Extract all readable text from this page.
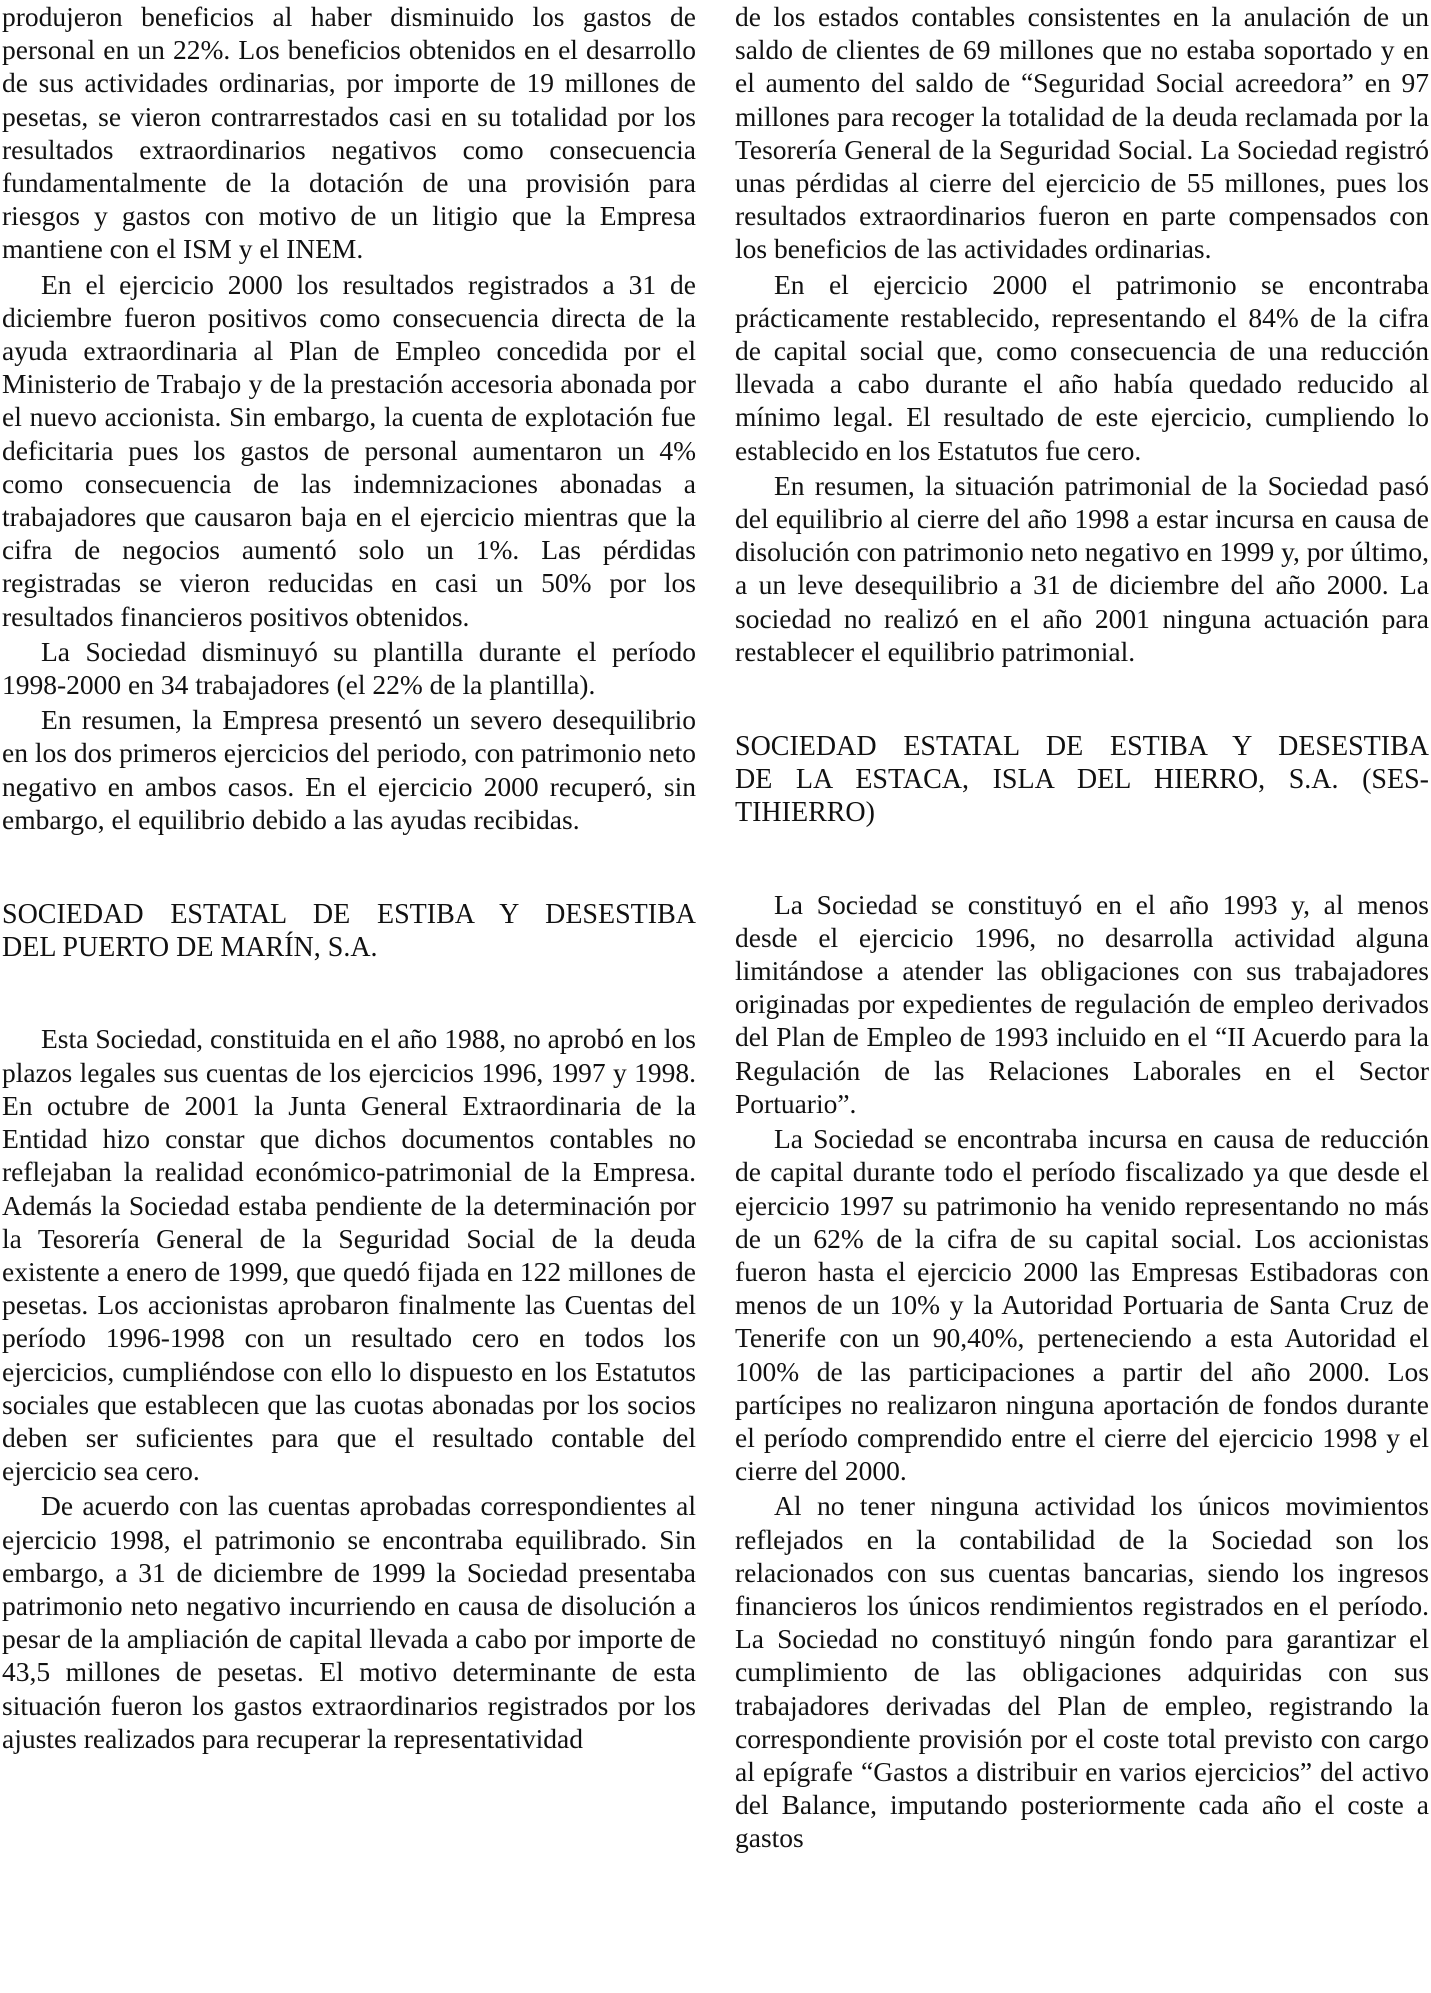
produjeron beneficios al haber disminuido los gastos de personal en un 22%. Los beneficios obtenidos en el desarrollo de sus actividades ordinarias, por importe de 19 millones de pesetas, se vieron contrarrestados casi en su totalidad por los resultados extraordinarios negativos como consecuencia fundamentalmente de la dotación de una provisión para riesgos y gastos con motivo de un litigio que la Empresa mantiene con el ISM y el INEM.

En el ejercicio 2000 los resultados registrados a 31 de diciembre fueron positivos como consecuencia directa de la ayuda extraordinaria al Plan de Empleo concedida por el Ministerio de Trabajo y de la prestación accesoria abonada por el nuevo accionista. Sin embargo, la cuenta de explotación fue deficitaria pues los gastos de personal aumentaron un 4% como consecuencia de las indemnizaciones abonadas a trabajadores que causaron baja en el ejercicio mientras que la cifra de negocios aumentó solo un 1%. Las pérdidas registradas se vieron reducidas en casi un 50% por los resultados financieros positivos obtenidos.

La Sociedad disminuyó su plantilla durante el período 1998-2000 en 34 trabajadores (el 22% de la plantilla).

En resumen, la Empresa presentó un severo desequilibrio en los dos primeros ejercicios del periodo, con patrimonio neto negativo en ambos casos. En el ejercicio 2000 recuperó, sin embargo, el equilibrio debido a las ayudas recibidas.

SOCIEDAD ESTATAL DE ESTIBA Y DESESTIBA
DEL PUERTO DE MARÍN, S.A.

Esta Sociedad, constituida en el año 1988, no aprobó en los plazos legales sus cuentas de los ejercicios 1996, 1997 y 1998. En octubre de 2001 la Junta General Extraordinaria de la Entidad hizo constar que dichos documentos contables no reflejaban la realidad económico-patrimonial de la Empresa. Además la Sociedad estaba pendiente de la determinación por la Tesorería General de la Seguridad Social de la deuda existente a enero de 1999, que quedó fijada en 122 millones de pesetas. Los accionistas aprobaron finalmente las Cuentas del período 1996-1998 con un resultado cero en todos los ejercicios, cumpliéndose con ello lo dispuesto en los Estatutos sociales que establecen que las cuotas abonadas por los socios deben ser suficientes para que el resultado contable del ejercicio sea cero.

De acuerdo con las cuentas aprobadas correspondientes al ejercicio 1998, el patrimonio se encontraba equilibrado. Sin embargo, a 31 de diciembre de 1999 la Sociedad presentaba patrimonio neto negativo incurriendo en causa de disolución a pesar de la ampliación de capital llevada a cabo por importe de 43,5 millones de pesetas. El motivo determinante de esta situación fueron los gastos extraordinarios registrados por los ajustes realizados para recuperar la representatividad

de los estados contables consistentes en la anulación de un saldo de clientes de 69 millones que no estaba soportado y en el aumento del saldo de “Seguridad Social acreedora” en 97 millones para recoger la totalidad de la deuda reclamada por la Tesorería General de la Seguridad Social. La Sociedad registró unas pérdidas al cierre del ejercicio de 55 millones, pues los resultados extraordinarios fueron en parte compensados con los beneficios de las actividades ordinarias.

En el ejercicio 2000 el patrimonio se encontraba prácticamente restablecido, representando el 84% de la cifra de capital social que, como consecuencia de una reducción llevada a cabo durante el año había quedado reducido al mínimo legal. El resultado de este ejercicio, cumpliendo lo establecido en los Estatutos fue cero.

En resumen, la situación patrimonial de la Sociedad pasó del equilibrio al cierre del año 1998 a estar incursa en causa de disolución con patrimonio neto negativo en 1999 y, por último, a un leve desequilibrio a 31 de diciembre del año 2000. La sociedad no realizó en el año 2001 ninguna actuación para restablecer el equilibrio patrimonial.

SOCIEDAD ESTATAL DE ESTIBA Y DESESTIBA
DE LA ESTACA, ISLA DEL HIERRO, S.A. (SES-
TIHIERRO)

La Sociedad se constituyó en el año 1993 y, al menos desde el ejercicio 1996, no desarrolla actividad alguna limitándose a atender las obligaciones con sus trabajadores originadas por expedientes de regulación de empleo derivados del Plan de Empleo de 1993 incluido en el “II Acuerdo para la Regulación de las Relaciones Laborales en el Sector Portuario”.

La Sociedad se encontraba incursa en causa de reducción de capital durante todo el período fiscalizado ya que desde el ejercicio 1997 su patrimonio ha venido representando no más de un 62% de la cifra de su capital social. Los accionistas fueron hasta el ejercicio 2000 las Empresas Estibadoras con menos de un 10% y la Autoridad Portuaria de Santa Cruz de Tenerife con un 90,40%, perteneciendo a esta Autoridad el 100% de las participaciones a partir del año 2000. Los partícipes no realizaron ninguna aportación de fondos durante el período comprendido entre el cierre del ejercicio 1998 y el cierre del 2000.

Al no tener ninguna actividad los únicos movimientos reflejados en la contabilidad de la Sociedad son los relacionados con sus cuentas bancarias, siendo los ingresos financieros los únicos rendimientos registrados en el período. La Sociedad no constituyó ningún fondo para garantizar el cumplimiento de las obligaciones adquiridas con sus trabajadores derivadas del Plan de empleo, registrando la correspondiente provisión por el coste total previsto con cargo al epígrafe “Gastos a distribuir en varios ejercicios” del activo del Balance, imputando posteriormente cada año el coste a gastos
